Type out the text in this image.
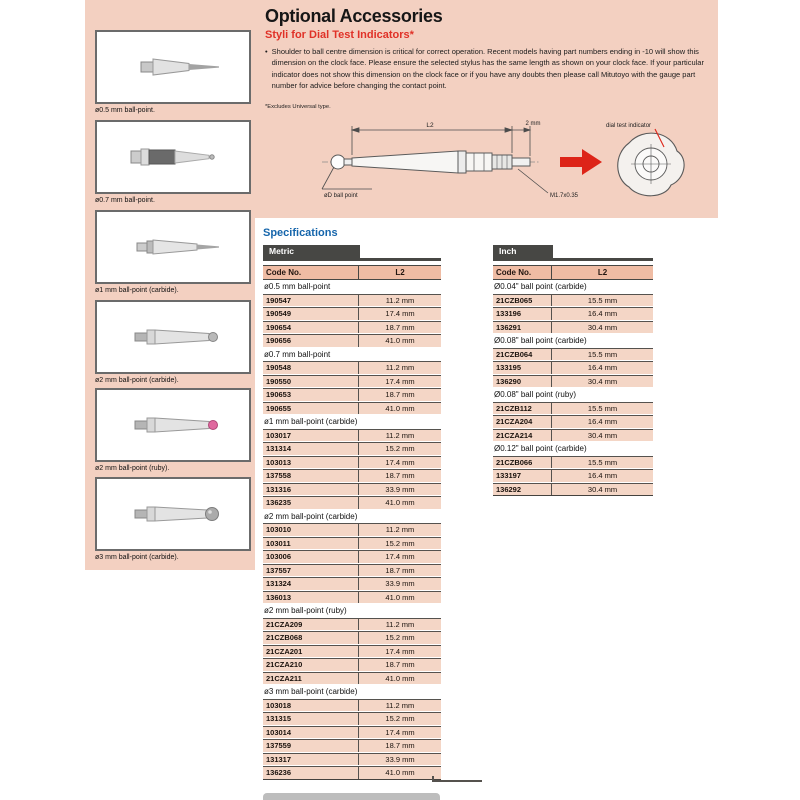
Optional Accessories
Styli for Dial Test Indicators*
• Shoulder to ball centre dimension is critical for correct operation. Recent models having part numbers ending in -10 will show this dimension on the clock face. Please ensure the selected stylus has the same length as shown on your clock face. If your particular indicator does not show this dimension on the clock face or if you have any doubts then please call Mitutoyo with the gauge part number for advice before changing the contact point.
*Excludes Universal type.
L2	2 mm
øD ball point	M1.7x0.35
dial test indicator
ø0.5 mm ball-point.
ø0.7 mm ball-point.
ø1 mm ball-point (carbide).
ø2 mm ball-point (carbide).
ø2 mm ball-point (ruby).
ø3 mm ball-point (carbide).
Specifications
Metric
Code No.	L2
ø0.5 mm ball-point
190547	11.2 mm
190549	17.4 mm
190654	18.7 mm
190656	41.0 mm
ø0.7 mm ball-point
190548	11.2 mm
190550	17.4 mm
190653	18.7 mm
190655	41.0 mm
ø1 mm ball-point (carbide)
103017	11.2 mm
131314	15.2 mm
103013	17.4 mm
137558	18.7 mm
131316	33.9 mm
136235	41.0 mm
ø2 mm ball-point (carbide)
103010	11.2 mm
103011	15.2 mm
103006	17.4 mm
137557	18.7 mm
131324	33.9 mm
136013	41.0 mm
ø2 mm ball-point (ruby)
21CZA209	11.2 mm
21CZB068	15.2 mm
21CZA201	17.4 mm
21CZA210	18.7 mm
21CZA211	41.0 mm
ø3 mm ball-point (carbide)
103018	11.2 mm
131315	15.2 mm
103014	17.4 mm
137559	18.7 mm
131317	33.9 mm
136236	41.0 mm
Inch
Code No.	L2
Ø0.04" ball point (carbide)
21CZB065	15.5 mm
133196	16.4 mm
136291	30.4 mm
Ø0.08" ball point (carbide)
21CZB064	15.5 mm
133195	16.4 mm
136290	30.4 mm
Ø0.08" ball point (ruby)
21CZB112	15.5 mm
21CZA204	16.4 mm
21CZA214	30.4 mm
Ø0.12" ball point (carbide)
21CZB066	15.5 mm
133197	16.4 mm
136292	30.4 mm
